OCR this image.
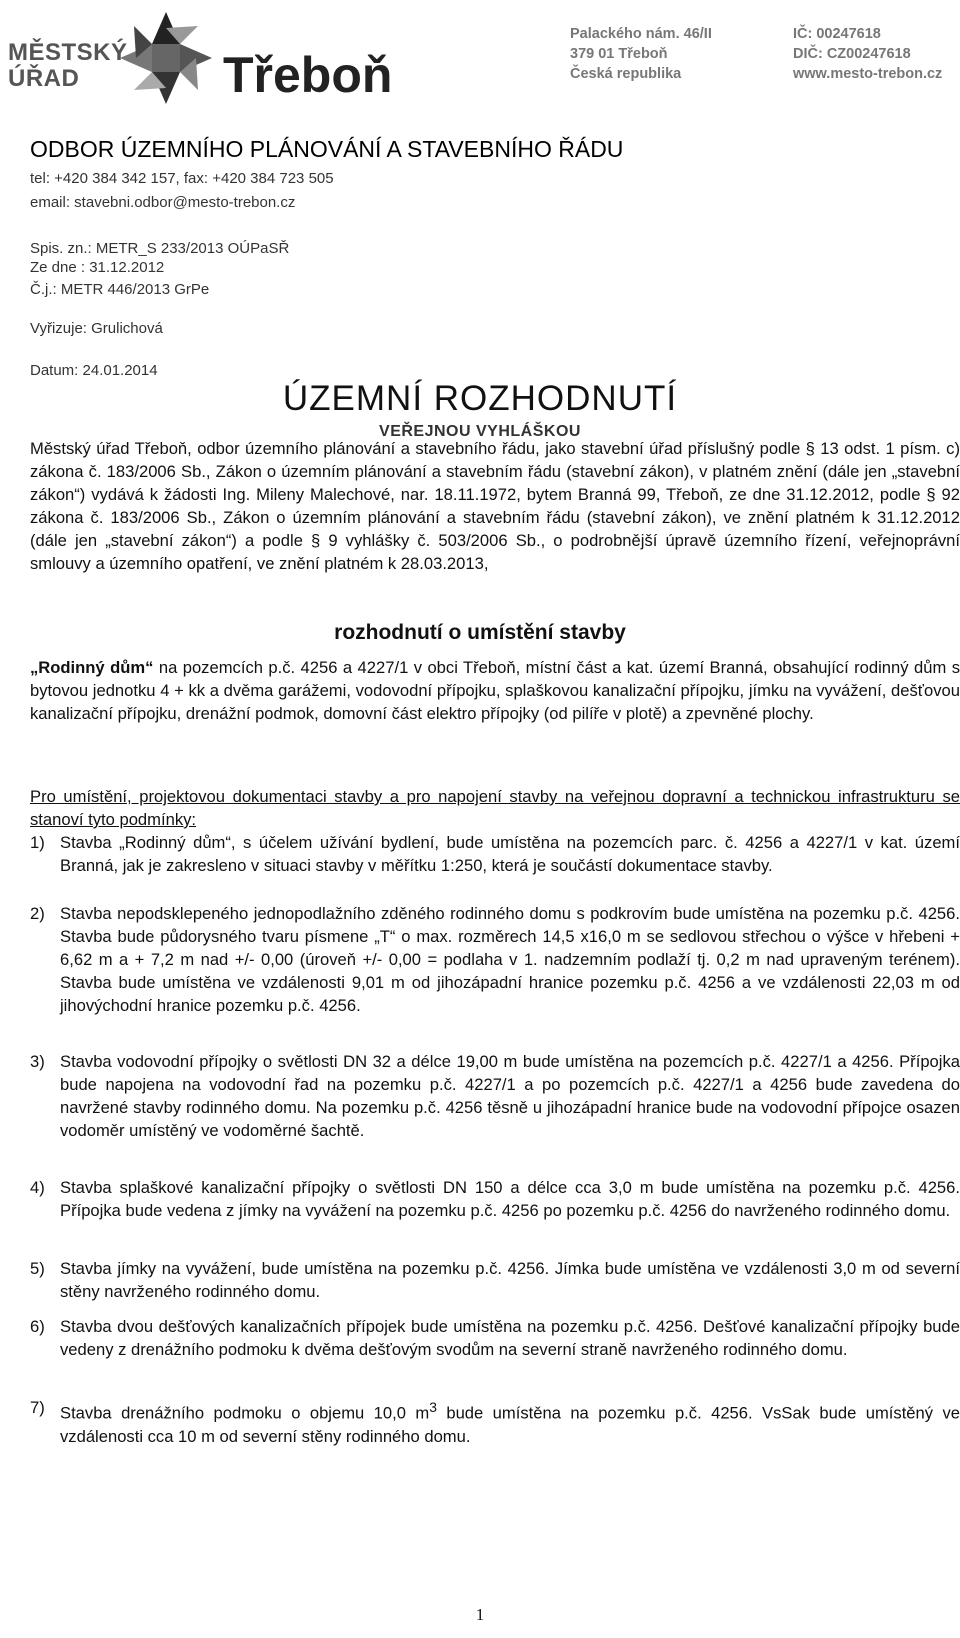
MĚSTSKÝ
ÚŘAD	Třeboň
Palackého nám. 46/II
379 01 Třeboň
Česká republika
IČ: 00247618
DIČ: CZ00247618
www.mesto-trebon.cz
ODBOR ÚZEMNÍHO PLÁNOVÁNÍ A STAVEBNÍHO ŘÁDU
tel: +420 384 342 157, fax: +420 384 723 505
email: stavebni.odbor@mesto-trebon.cz
Spis. zn.: METR_S 233/2013 OÚPaSŘ
Ze dne : 31.12.2012
Č.j.: METR 446/2013 GrPe
Vyřizuje: Grulichová
Datum: 24.01.2014
ÚZEMNÍ ROZHODNUTÍ
VEŘEJNOU VYHLÁŠKOU
Městský úřad Třeboň, odbor územního plánování a stavebního řádu, jako stavební úřad příslušný podle § 13 odst. 1 písm. c) zákona č. 183/2006 Sb., Zákon o územním plánování a stavebním řádu (stavební zákon), v platném znění (dále jen „stavební zákon“) vydává k žádosti Ing. Mileny Malechové, nar. 18.11.1972, bytem Branná 99, Třeboň, ze dne 31.12.2012, podle § 92 zákona č. 183/2006 Sb., Zákon o územním plánování a stavebním řádu (stavební zákon), ve znění platném k 31.12.2012 (dále jen „stavební zákon“) a podle § 9 vyhlášky č. 503/2006 Sb., o podrobnější úpravě územního řízení, veřejnoprávní smlouvy a územního opatření, ve znění platném k 28.03.2013,
rozhodnutí o umístění stavby
„Rodinný dům“ na pozemcích p.č. 4256 a 4227/1 v obci Třeboň, místní část a kat. území Branná, obsahující rodinný dům s bytovou jednotku 4 + kk a dvěma garážemi, vodovodní přípojku, splaškovou kanalizační přípojku, jímku na vyvážení, dešťovou kanalizační přípojku, drenážní podmok, domovní část elektro přípojky (od pilíře v plotě) a zpevněné plochy.
Pro umístění, projektovou dokumentaci stavby a pro napojení stavby na veřejnou dopravní a technickou infrastrukturu se stanoví tyto podmínky:
1) Stavba „Rodinný dům“, s účelem užívání bydlení, bude umístěna na pozemcích parc. č. 4256 a 4227/1 v kat. území Branná, jak je zakresleno v situaci stavby v měřítku 1:250, která je součástí dokumentace stavby.
2) Stavba nepodsklepeného jednopodlažního zděného rodinného domu s podkrovím bude umístěna na pozemku p.č. 4256. Stavba bude půdorysného tvaru písmene „T“ o max. rozměrech 14,5 x16,0 m se sedlovou střechou o výšce v hřebeni + 6,62 m a + 7,2 m nad +/- 0,00 (úroveň +/- 0,00 = podlaha v 1. nadzemním podlaží tj. 0,2 m nad upraveným terénem). Stavba bude umístěna ve vzdálenosti 9,01 m od jihozápadní hranice pozemku p.č. 4256 a ve vzdálenosti 22,03 m od jihovýchodní hranice pozemku p.č. 4256.
3) Stavba vodovodní přípojky o světlosti DN 32 a délce 19,00 m bude umístěna na pozemcích p.č. 4227/1 a 4256. Přípojka bude napojena na vodovodní řad na pozemku p.č. 4227/1 a po pozemcích p.č. 4227/1 a 4256 bude zavedena do navržené stavby rodinného domu. Na pozemku p.č. 4256 těsně u jihozápadní hranice bude na vodovodní přípojce osazen vodoměr umístěný ve vodoměrné šachtě.
4) Stavba splaškové kanalizační přípojky o světlosti DN 150 a délce cca 3,0 m bude umístěna na pozemku p.č. 4256. Přípojka bude vedena z jímky na vyvážení na pozemku p.č. 4256 po pozemku p.č. 4256 do navrženého rodinného domu.
5) Stavba jímky na vyvážení, bude umístěna na pozemku p.č. 4256. Jímka bude umístěna ve vzdálenosti 3,0 m od severní stěny navrženého rodinného domu.
6) Stavba dvou dešťových kanalizačních přípojek bude umístěna na pozemku p.č. 4256. Dešťové kanalizační přípojky bude vedeny z drenážního podmoku k dvěma dešťovým svodům na severní straně navrženého rodinného domu.
7) Stavba drenážního podmoku o objemu 10,0 $m^3$ bude umístěna na pozemku p.č. 4256. VsSak bude umístěný ve vzdálenosti cca 10 m od severní stěny rodinného domu.
1
